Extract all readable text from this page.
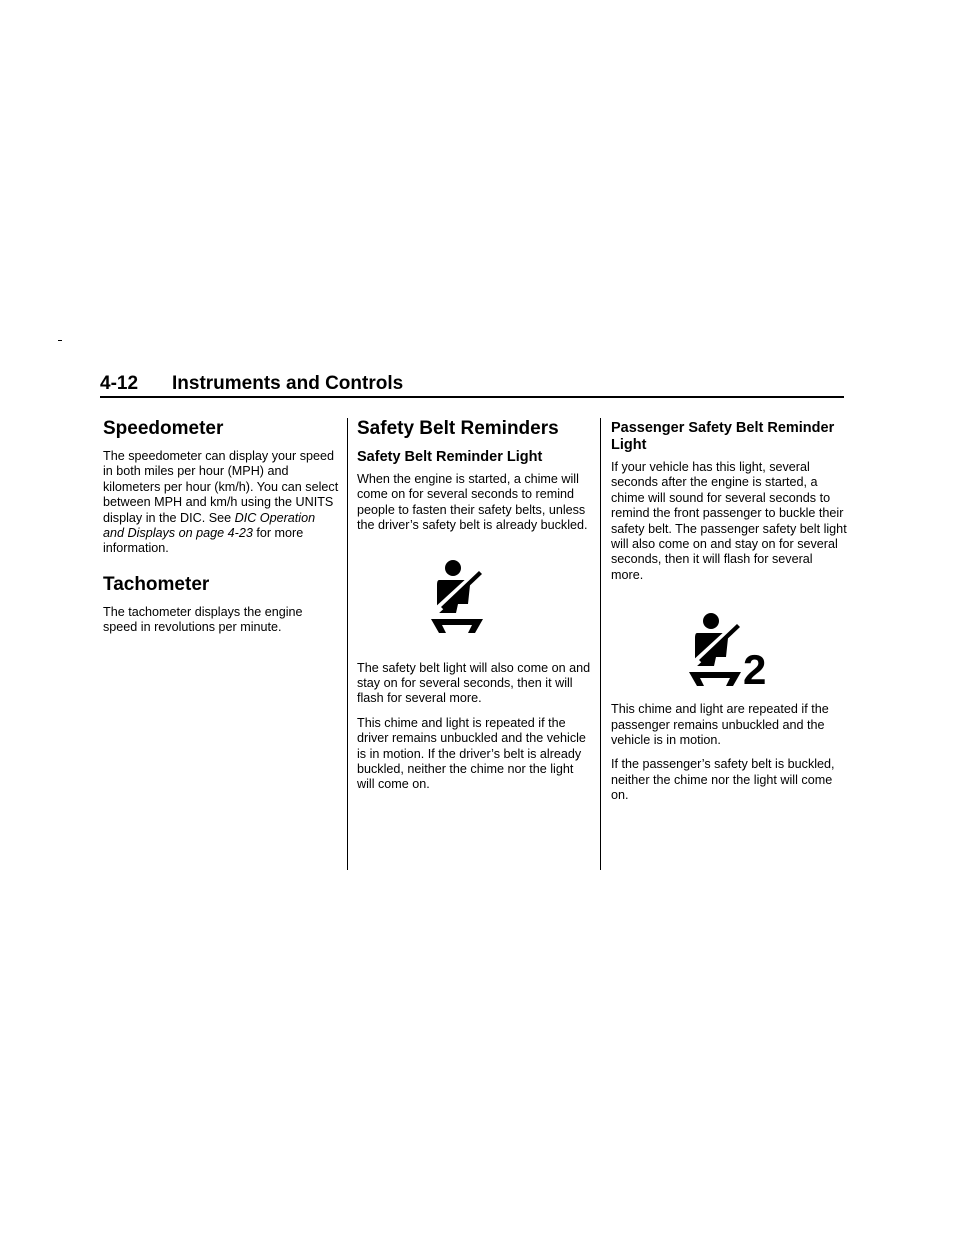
4-12 Instruments and Controls
Speedometer

The speedometer can display your speed in both miles per hour (MPH) and kilometers per hour (km/h). You can select between MPH and km/h using the UNITS display in the DIC. See DIC Operation and Displays on page 4-23 for more information.

Tachometer

The tachometer displays the engine speed in revolutions per minute.

Safety Belt Reminders
Safety Belt Reminder Light

When the engine is started, a chime will come on for several seconds to remind people to fasten their safety belts, unless the driver’s safety belt is already buckled.

The safety belt light will also come on and stay on for several seconds, then it will flash for several more.

This chime and light is repeated if the driver remains unbuckled and the vehicle is in motion. If the driver’s belt is already buckled, neither the chime nor the light will come on.

Passenger Safety Belt Reminder Light

If your vehicle has this light, several seconds after the engine is started, a chime will sound for several seconds to remind the front passenger to buckle their safety belt. The passenger safety belt light will also come on and stay on for several seconds, then it will flash for several more.

2

This chime and light are repeated if the passenger remains unbuckled and the vehicle is in motion.

If the passenger’s safety belt is buckled, neither the chime nor the light will come on.
